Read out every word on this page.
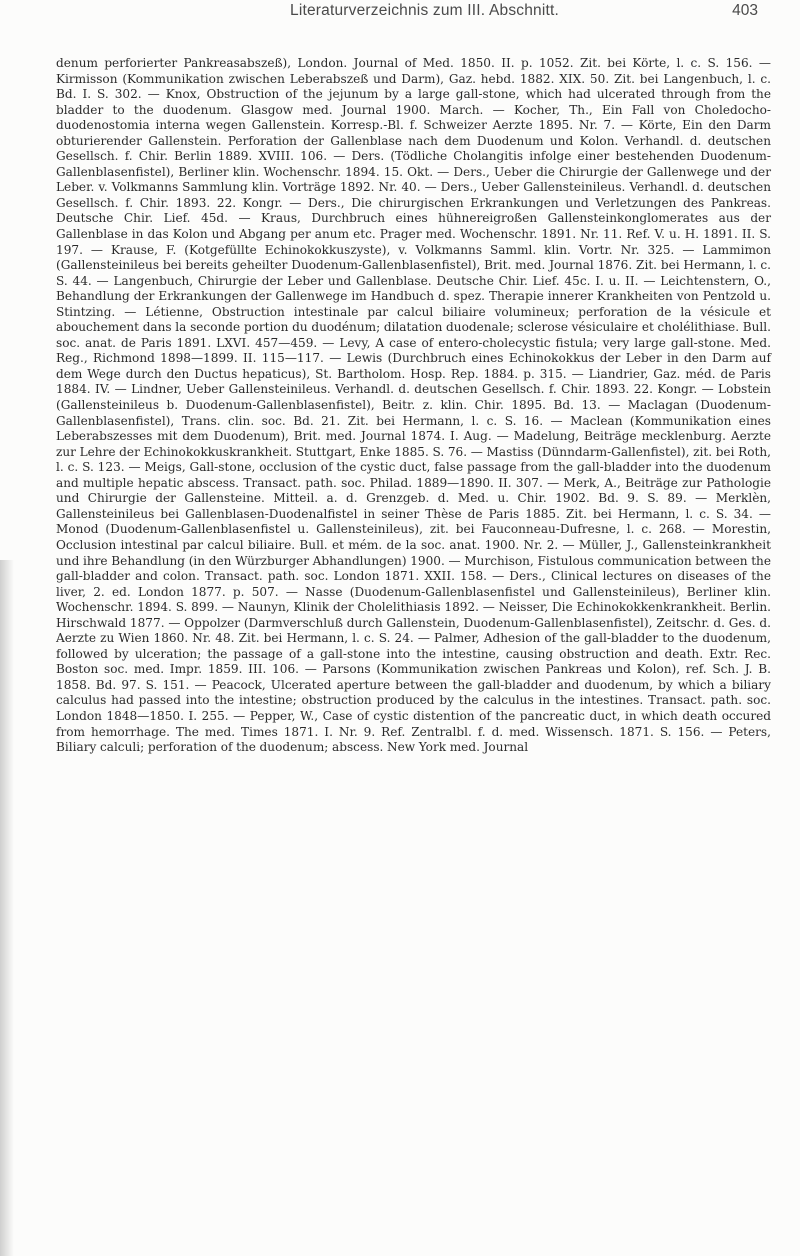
Literaturverzeichnis zum III. Abschnitt.	403

denum perforierter Pankreasabszeß), London. Journal of Med. 1850. II. p. 1052. Zit. bei Körte, l. c. S. 156. — Kirmisson (Kommunikation zwischen Leberabszeß und Darm), Gaz. hebd. 1882. XIX. 50. Zit. bei Langenbuch, l. c. Bd. I. S. 302. — Knox, Obstruction of the jejunum by a large gall-stone, which had ulcerated through from the bladder to the duodenum. Glasgow med. Journal 1900. March. — Kocher, Th., Ein Fall von Choledocho-duodenostomia interna wegen Gallenstein. Korresp.-Bl. f. Schweizer Aerzte 1895. Nr. 7. — Körte, Ein den Darm obturierender Gallenstein. Perforation der Gallenblase nach dem Duodenum und Kolon. Verhandl. d. deutschen Gesellsch. f. Chir. Berlin 1889. XVIII. 106. — Ders. (Tödliche Cholangitis infolge einer bestehenden Duodenum-Gallenblasenfistel), Berliner klin. Wochenschr. 1894. 15. Okt. — Ders., Ueber die Chirurgie der Gallenwege und der Leber. v. Volkmanns Sammlung klin. Vorträge 1892. Nr. 40. — Ders., Ueber Gallensteinileus. Verhandl. d. deutschen Gesellsch. f. Chir. 1893. 22. Kongr. — Ders., Die chirurgischen Erkrankungen und Verletzungen des Pankreas. Deutsche Chir. Lief. 45d. — Kraus, Durchbruch eines hühnereigroßen Gallensteinkonglomerates aus der Gallenblase in das Kolon und Abgang per anum etc. Prager med. Wochenschr. 1891. Nr. 11. Ref. V. u. H. 1891. II. S. 197. — Krause, F. (Kotgefüllte Echinokokkuszyste), v. Volkmanns Samml. klin. Vortr. Nr. 325. — Lammimon (Gallensteinileus bei bereits geheilter Duodenum-Gallenblasenfistel), Brit. med. Journal 1876. Zit. bei Hermann, l. c. S. 44. — Langenbuch, Chirurgie der Leber und Gallenblase. Deutsche Chir. Lief. 45c. I. u. II. — Leichtenstern, O., Behandlung der Erkrankungen der Gallenwege im Handbuch d. spez. Therapie innerer Krankheiten von Pentzold u. Stintzing. — Létienne, Obstruction intestinale par calcul biliaire volumineux; perforation de la vésicule et abouchement dans la seconde portion du duodénum; dilatation duodenale; sclerose vésiculaire et cholélithiase. Bull. soc. anat. de Paris 1891. LXVI. 457—459. — Levy, A case of entero-cholecystic fistula; very large gall-stone. Med. Reg., Richmond 1898—1899. II. 115—117. — Lewis (Durchbruch eines Echinokokkus der Leber in den Darm auf dem Wege durch den Ductus hepaticus), St. Bartholom. Hosp. Rep. 1884. p. 315. — Liandrier, Gaz. méd. de Paris 1884. IV. — Lindner, Ueber Gallensteinileus. Verhandl. d. deutschen Gesellsch. f. Chir. 1893. 22. Kongr. — Lobstein (Gallensteinileus b. Duodenum-Gallenblasenfistel), Beitr. z. klin. Chir. 1895. Bd. 13. — Maclagan (Duodenum-Gallenblasenfistel), Trans. clin. soc. Bd. 21. Zit. bei Hermann, l. c. S. 16. — Maclean (Kommunikation eines Leberabszesses mit dem Duodenum), Brit. med. Journal 1874. I. Aug. — Madelung, Beiträge mecklenburg. Aerzte zur Lehre der Echinokokkuskrankheit. Stuttgart, Enke 1885. S. 76. — Mastiss (Dünndarm-Gallenfistel), zit. bei Roth, l. c. S. 123. — Meigs, Gall-stone, occlusion of the cystic duct, false passage from the gall-bladder into the duodenum and multiple hepatic abscess. Transact. path. soc. Philad. 1889—1890. II. 307. — Merk, A., Beiträge zur Pathologie und Chirurgie der Gallensteine. Mitteil. a. d. Grenzgeb. d. Med. u. Chir. 1902. Bd. 9. S. 89. — Merklèn, Gallensteinileus bei Gallenblasen-Duodenalfistel in seiner Thèse de Paris 1885. Zit. bei Hermann, l. c. S. 34. — Monod (Duodenum-Gallenblasenfistel u. Gallensteinileus), zit. bei Fauconneau-Dufresne, l. c. 268. — Morestin, Occlusion intestinal par calcul biliaire. Bull. et mém. de la soc. anat. 1900. Nr. 2. — Müller, J., Gallensteinkrankheit und ihre Behandlung (in den Würzburger Abhandlungen) 1900. — Murchison, Fistulous communication between the gall-bladder and colon. Transact. path. soc. London 1871. XXII. 158. — Ders., Clinical lectures on diseases of the liver, 2. ed. London 1877. p. 507. — Nasse (Duodenum-Gallenblasenfistel und Gallensteinileus), Berliner klin. Wochenschr. 1894. S. 899. — Naunyn, Klinik der Cholelithiasis 1892. — Neisser, Die Echinokokkenkrankheit. Berlin. Hirschwald 1877. — Oppolzer (Darmverschluß durch Gallenstein, Duodenum-Gallenblasenfistel), Zeitschr. d. Ges. d. Aerzte zu Wien 1860. Nr. 48. Zit. bei Hermann, l. c. S. 24. — Palmer, Adhesion of the gall-bladder to the duodenum, followed by ulceration; the passage of a gall-stone into the intestine, causing obstruction and death. Extr. Rec. Boston soc. med. Impr. 1859. III. 106. — Parsons (Kommunikation zwischen Pankreas und Kolon), ref. Sch. J. B. 1858. Bd. 97. S. 151. — Peacock, Ulcerated aperture between the gall-bladder and duodenum, by which a biliary calculus had passed into the intestine; obstruction produced by the calculus in the intestines. Transact. path. soc. London 1848—1850. I. 255. — Pepper, W., Case of cystic distention of the pancreatic duct, in which death occured from hemorrhage. The med. Times 1871. I. Nr. 9. Ref. Zentralbl. f. d. med. Wissensch. 1871. S. 156. — Peters, Biliary calculi; perforation of the duodenum; abscess. New York med. Journal
